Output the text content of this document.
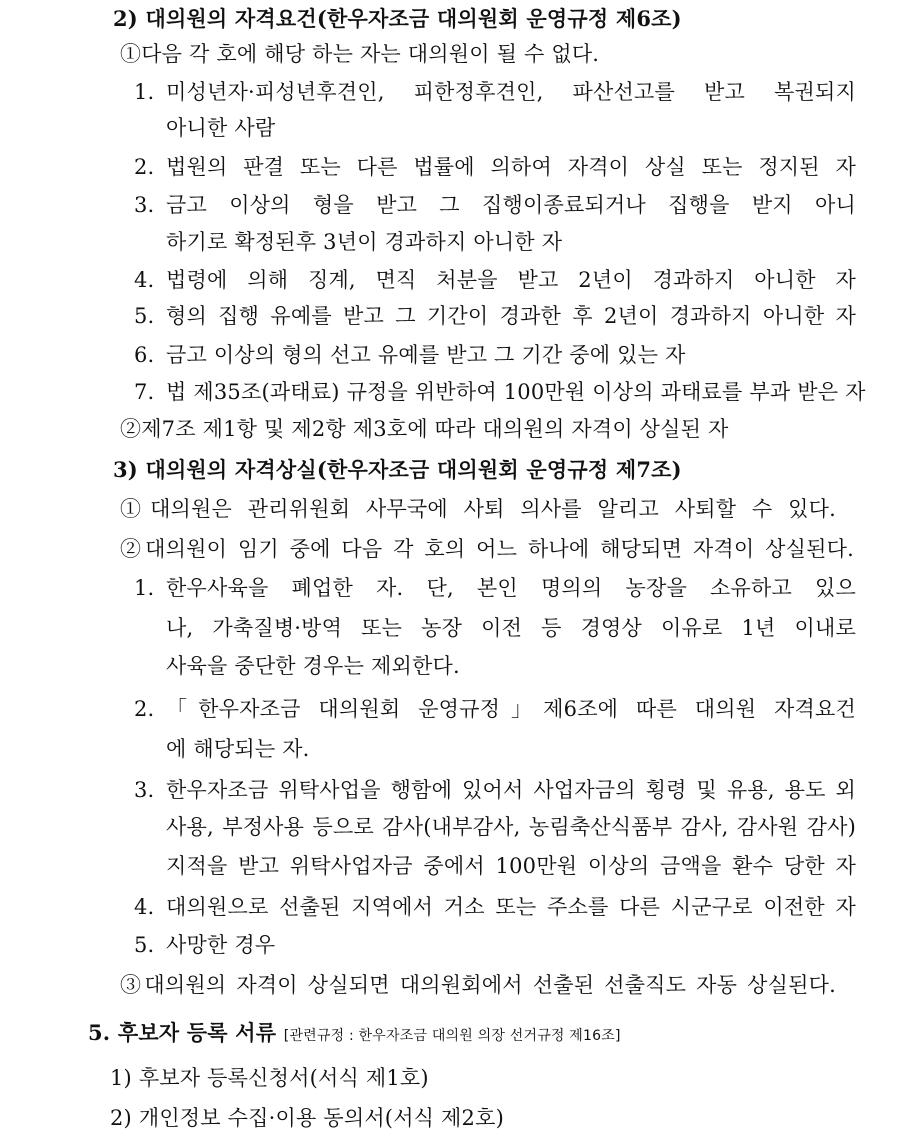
2) 대의원의 자격요건(한우자조금 대의원회 운영규정 제6조)
①다음 각 호에 해당 하는 자는 대의원이 될 수 없다.
1. 미성년자·피성년후견인, 피한정후견인, 파산선고를 받고 복권되지
아니한 사람
2. 법원의 판결 또는 다른 법률에 의하여 자격이 상실 또는 정지된 자
3. 금고 이상의 형을 받고 그 집행이종료되거나 집행을 받지 아니
하기로 확정된후 3년이 경과하지 아니한 자
4. 법령에 의해 징계, 면직 처분을 받고 2년이 경과하지 아니한 자
5. 형의 집행 유예를 받고 그 기간이 경과한 후 2년이 경과하지 아니한 자
6. 금고 이상의 형의 선고 유예를 받고 그 기간 중에 있는 자
7. 법 제35조(과태료) 규정을 위반하여 100만원 이상의 과태료를 부과 받은 자
②제7조 제1항 및 제2항 제3호에 따라 대의원의 자격이 상실된 자
3) 대의원의 자격상실(한우자조금 대의원회 운영규정 제7조)
①대의원은 관리위원회 사무국에 사퇴 의사를 알리고 사퇴할 수 있다.
②대의원이 임기 중에 다음 각 호의 어느 하나에 해당되면 자격이 상실된다.
1. 한우사육을 폐업한 자. 단, 본인 명의의 농장을 소유하고 있으
나, 가축질병·방역 또는 농장 이전 등 경영상 이유로 1년 이내로
사육을 중단한 경우는 제외한다.
2. 「한우자조금 대의원회 운영규정」제6조에 따른 대의원 자격요건
에 해당되는 자.
3. 한우자조금 위탁사업을 행함에 있어서 사업자금의 횡령 및 유용, 용도 외
사용, 부정사용 등으로 감사(내부감사, 농림축산식품부 감사, 감사원 감사)
지적을 받고 위탁사업자금 중에서 100만원 이상의 금액을 환수 당한 자
4. 대의원으로 선출된 지역에서 거소 또는 주소를 다른 시군구로 이전한 자
5. 사망한 경우
③대의원의 자격이 상실되면 대의원회에서 선출된 선출직도 자동 상실된다.
5. 후보자 등록 서류 [관련규정 : 한우자조금 대의원 의장 선거규정 제16조]
1) 후보자 등록신청서(서식 제1호)
2) 개인정보 수집·이용 동의서(서식 제2호)
